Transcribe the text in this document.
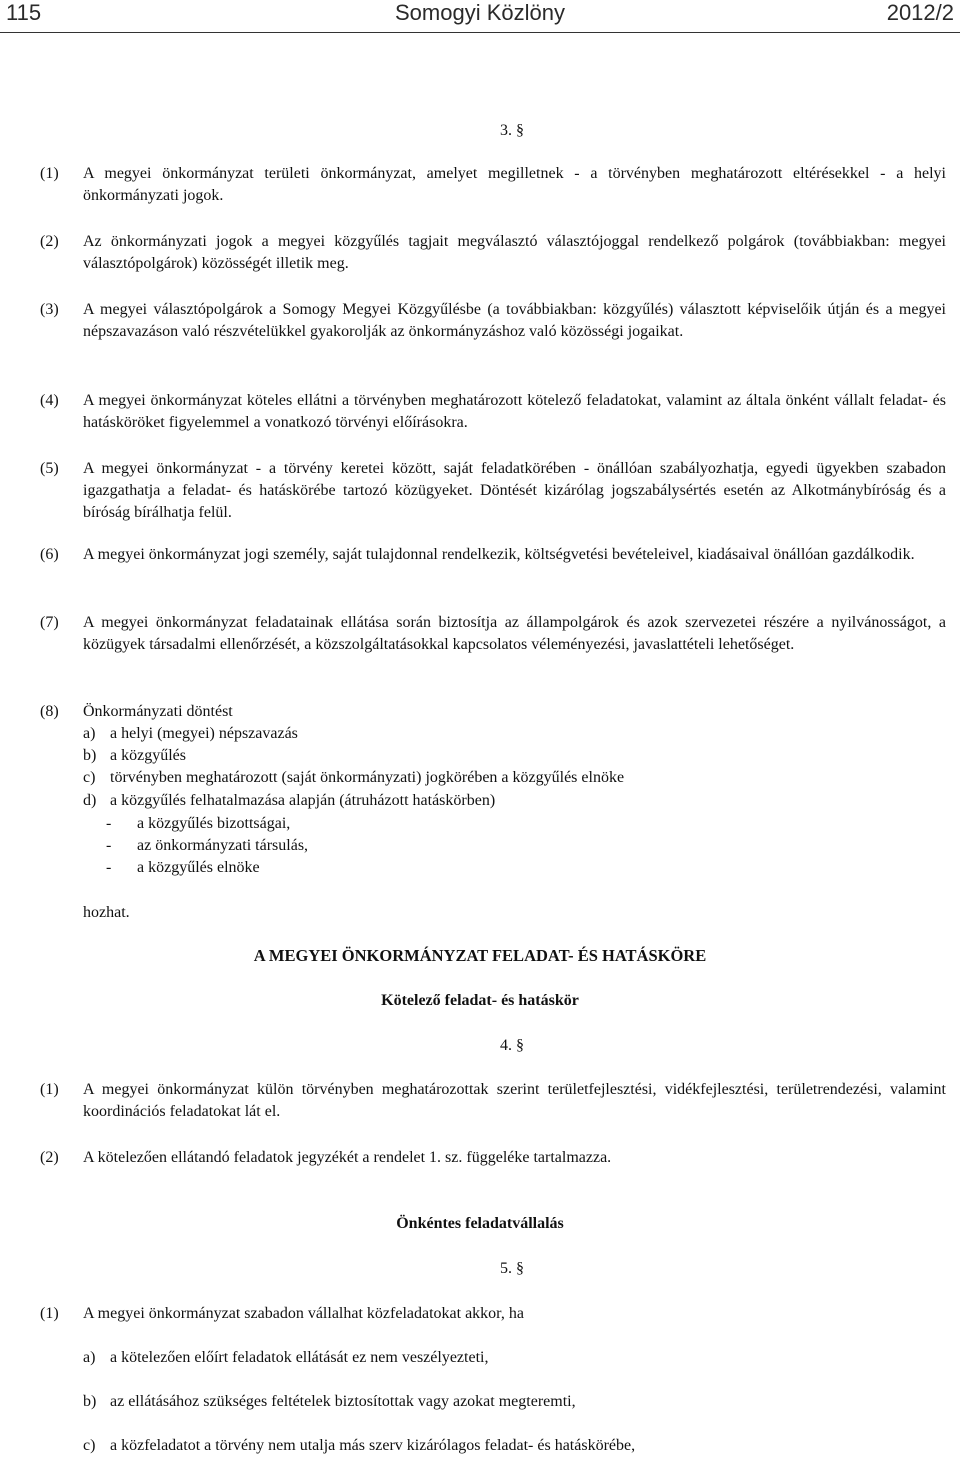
115	Somogyi Közlöny	2012/2
3. §
(1) A megyei önkormányzat területi önkormányzat, amelyet megilletnek - a törvényben meghatározott eltérésekkel - a helyi önkormányzati jogok.
(2) Az önkormányzati jogok a megyei közgyűlés tagjait megválasztó választójoggal rendelkező polgárok (továbbiakban: megyei választópolgárok) közösségét illetik meg.
(3) A megyei választópolgárok a Somogy Megyei Közgyűlésbe (a továbbiakban: közgyűlés) választott képviselőik útján és a megyei népszavazáson való részvételükkel gyakorolják az önkormányzáshoz való közösségi jogaikat.
(4) A megyei önkormányzat köteles ellátni a törvényben meghatározott kötelező feladatokat, valamint az általa önként vállalt feladat- és hatásköröket figyelemmel a vonatkozó törvényi előírásokra.
(5) A megyei önkormányzat - a törvény keretei között, saját feladatkörében - önállóan szabályozhatja, egyedi ügyekben szabadon igazgathatja a feladat- és hatáskörébe tartozó közügyeket. Döntését kizárólag jogszabálysértés esetén az Alkotmánybíróság és a bíróság bírálhatja felül.
(6) A megyei önkormányzat jogi személy, saját tulajdonnal rendelkezik, költségvetési bevételeivel, kiadásaival önállóan gazdálkodik.
(7) A megyei önkormányzat feladatainak ellátása során biztosítja az állampolgárok és azok szervezetei részére a nyilvánosságot, a közügyek társadalmi ellenőrzését, a közszolgáltatásokkal kapcsolatos véleményezési, javaslattételi lehetőséget.
(8) Önkormányzati döntést
a) a helyi (megyei) népszavazás
b) a közgyűlés
c) törvényben meghatározott (saját önkormányzati) jogkörében a közgyűlés elnöke
d) a közgyűlés felhatalmazása alapján (átruházott hatáskörben)
- a közgyűlés bizottságai,
- az önkormányzati társulás,
- a közgyűlés elnöke
hozhat.
A MEGYEI ÖNKORMÁNYZAT FELADAT- ÉS HATÁSKÖRE
Kötelező feladat- és hatáskör
4. §
(1) A megyei önkormányzat külön törvényben meghatározottak szerint területfejlesztési, vidékfejlesztési, területrendezési, valamint koordinációs feladatokat lát el.
(2) A kötelezően ellátandó feladatok jegyzékét a rendelet 1. sz. függeléke tartalmazza.
Önkéntes feladatvállalás
5. §
(1) A megyei önkormányzat szabadon vállalhat közfeladatokat akkor, ha
a) a kötelezően előírt feladatok ellátását ez nem veszélyezteti,
b) az ellátásához szükséges feltételek biztosítottak vagy azokat megteremti,
c) a közfeladatot a törvény nem utalja más szerv kizárólagos feladat- és hatáskörébe,
